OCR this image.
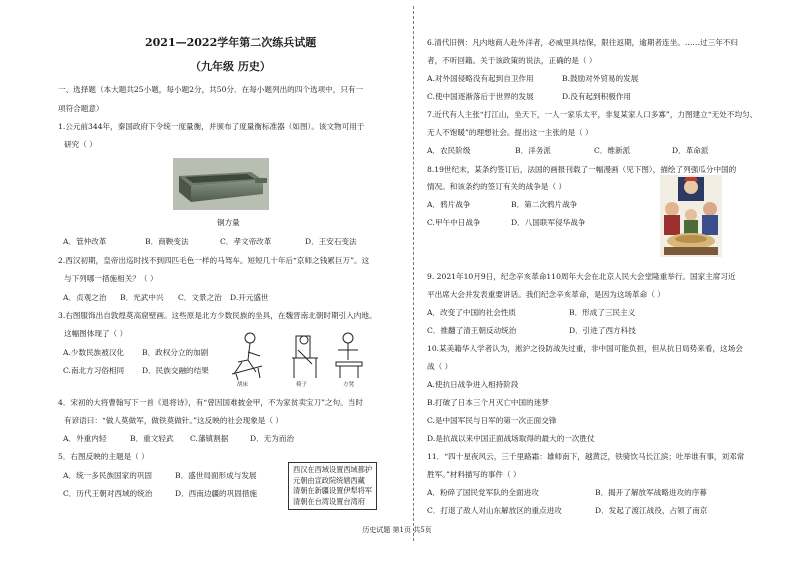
2021—2022学年第二次练兵试题
（九年级 历史）
一、选择题（本大题共25小题，每小题2分，共50分．在每小题列出的四个选项中，只有一
项符合题意）
1.公元前344年，秦国政府下令统一度量衡，并颁布了度量衡标准器（如图）。该文物可用于
研究（ ）
铜方量
A．管仲改革	B．商鞅变法	C．孝文帝改革	D．王安石变法
2.西汉初期，皇帝出巡时找不到四匹毛色一样的马驾车。短短几十年后“京师之钱累巨万”。这
与下列哪一措施相关？（ ）
A．贞观之治 B．光武中兴 C．文景之治 D.开元盛世
3.右图服饰出自敦煌莫高窟壁画。这些原是北方少数民族的坐具，在魏晋南北朝时期引入内地。
这幅图体现了（ ）
A.少数民族被汉化 B．政权分立的加剧
C.南北方习俗相同 D．民族交融的结果
胡床	椅子	方凳
4．宋初的大将曹翰写下一首《退将诗》，有“曾因国难披金甲，不为家贫卖宝刀”之句。当时
有谚语曰：“做人莫做军，做铁莫做针。”这反映的社会现象是（ ）
A．外重内轻	B．重文轻武 C.藩镇割据	D．无为而治
5．右图反映的主题是（ ）
A．统一多民族国家的巩固	B．盛世局面形成与发展
C．历代王朝对西域的统治	D．西南边疆的巩固措施
西汉在西域设置西域都护
元朝由宣政院统辖西藏
清朝在新疆设置伊犁将军
清朝在台湾设置台湾府
6.清代旧例：凡内地商人赴外洋者，必威里具结保，限往返期，逾期者连坐。……过三年不归
者，不听回籍。关于该政策的说法，正确的是（ ）
A.对外国侵略没有起到自卫作用	B.鼓励对外贸易的发展
C.使中国逐渐落后于世界的发展	D.没有起到积极作用
7.近代有人主张“打江山，坐天下，一人一家乐太平，非复某家人口多寡”，力图建立“无处不均匀、
无人不饱暖”的理想社会。提出这一主张的是（ ）
A．农民阶级	B．洋务派	C．维新派	D．革命派
8.19世纪末，某条约签订后，法国的画报刊载了一幅漫画（见下图），描绘了列强瓜分中国的
情况。和该条约的签订有关的战争是（ ）
A．鸦片战争	B．第二次鸦片战争
C.甲午中日战争	D．八国联军侵华战争
9. 2021年10月9日，纪念辛亥革命110周年大会在北京人民大会堂隆重举行。国家主席习近
平出席大会并发表重要讲话。我们纪念辛亥革命，是因为这场革命（ ）
A．改变了中国的社会性质	B．形成了三民主义
C．推翻了清王朝反动统治	D．引进了西方科技
10.某美籍华人学者认为，淞沪之役防战失过重，非中国可能负担，但从抗日局势来看，这场会
战（ ）
A.使抗日战争进入相持阶段
B.打破了日本三个月灭亡中国的迷梦
C.是中国军民与日军的第一次正面交锋
D.是抗战以来中国正面战场取得的最大的一次胜仗
11．“四十星夜风云，三千里路霜：雄师南下，越黄泛，铁骑饮马长江滨；吐举谁有事，刘邓常
胜军。”材料描写的事件（ ）
A．粉碎了国民党军队的全面进攻	B．揭开了解放军战略进攻的序幕
C．打退了敌人对山东解放区的重点进攻	D．发起了渡江战役，占领了南京
历史试题 第1页 共5页
